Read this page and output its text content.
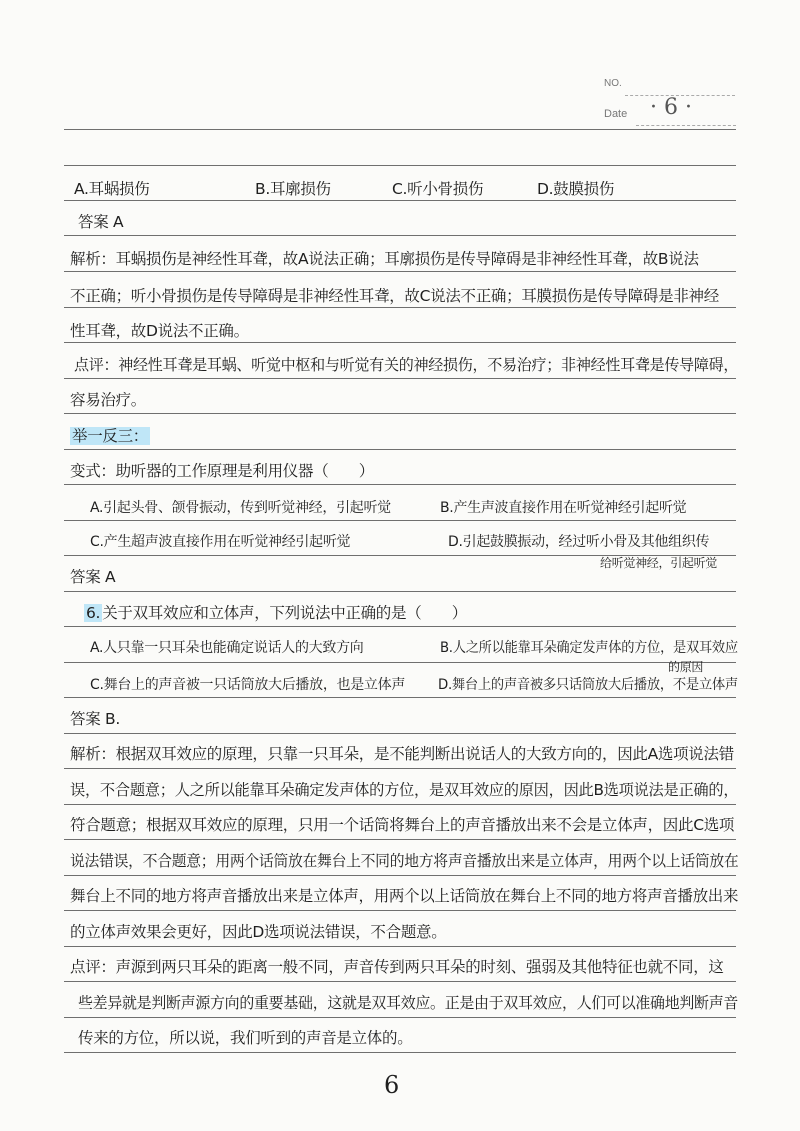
NO.
Date · 6 ·
A.耳蜗损伤	B.耳廓损伤	C.听小骨损伤	D.鼓膜损伤
答案 A
解析：耳蜗损伤是神经性耳聋，故A说法正确；耳廓损伤是传导障碍是非神经性耳聋，故B说法
不正确；听小骨损伤是传导障碍是非神经性耳聋，故C说法不正确；耳膜损伤是传导障碍是非神经
性耳聋，故D说法不正确。
点评：神经性耳聋是耳蜗、听觉中枢和与听觉有关的神经损伤，不易治疗；非神经性耳聋是传导障碍，
容易治疗。
举一反三：
变式：助听器的工作原理是利用仪器（　　）
A.引起头骨、颌骨振动，传到听觉神经，引起听觉	B.产生声波直接作用在听觉神经引起听觉
C.产生超声波直接作用在听觉神经引起听觉	D.引起鼓膜振动，经过听小骨及其他组织传
给听觉神经，引起听觉
答案 A
6. 关于双耳效应和立体声，下列说法中正确的是（　　）
A.人只靠一只耳朵也能确定说话人的大致方向	B.人之所以能靠耳朵确定发声体的方位，是双耳效应
的原因
C.舞台上的声音被一只话筒放大后播放，也是立体声 D.舞台上的声音被多只话筒放大后播放，不是立体声
答案 B.
解析：根据双耳效应的原理，只靠一只耳朵，是不能判断出说话人的大致方向的，因此A选项说法错
误，不合题意；人之所以能靠耳朵确定发声体的方位，是双耳效应的原因，因此B选项说法是正确的，
符合题意；根据双耳效应的原理，只用一个话筒将舞台上的声音播放出来不会是立体声，因此C选项
说法错误，不合题意；用两个话筒放在舞台上不同的地方将声音播放出来是立体声，用两个以上话筒放在
舞台上不同的地方将声音播放出来是立体声，用两个以上话筒放在舞台上不同的地方将声音播放出来
的立体声效果会更好，因此D选项说法错误，不合题意。
点评：声源到两只耳朵的距离一般不同，声音传到两只耳朵的时刻、强弱及其他特征也就不同，这
些差异就是判断声源方向的重要基础，这就是双耳效应。正是由于双耳效应，人们可以准确地判断声音
传来的方位，所以说，我们听到的声音是立体的。
6
